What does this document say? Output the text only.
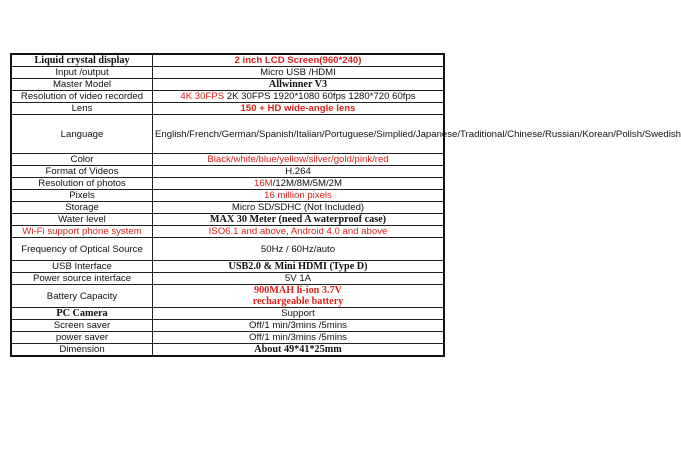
Liquid crystal display	2 inch LCD Screen(960*240)
Input /output	Micro USB /HDMI
Master Model	Allwinner V3
Resolution of video recorded	4K 30FPS 2K 30FPS 1920*1080 60fps 1280*720 60fps
Lens	150 + HD wide-angle lens
Language	English/French/German/Spanish/Italian/Portuguese/Simplied/Japanese/Traditional/Chinese/Russian/Korean/Polish/Swedish
Color	Black/white/blue/yellow/silver/gold/pink/red
Format of Videos	H.264
Resolution of photos	16M/12M/8M/5M/2M
Pixels	16 million pixels
Storage	Micro SD/SDHC (Not Included)
Water level	MAX 30 Meter (need A waterproof case)
Wi-Fi support phone system	ISO6.1 and above, Android 4.0 and above
Frequency of Optical Source	50Hz / 60Hz/auto
USB Interface	USB2.0 & Mini HDMI (Type D)
Power source interface	5V 1A
Battery Capacity	900MAH li-ion 3.7V
rechargeable battery

PC Camera	Support
Screen saver	Off/1 min/3mins /5mins
power saver	Off/1 min/3mins /5mins
Dimension	About 49*41*25mm
